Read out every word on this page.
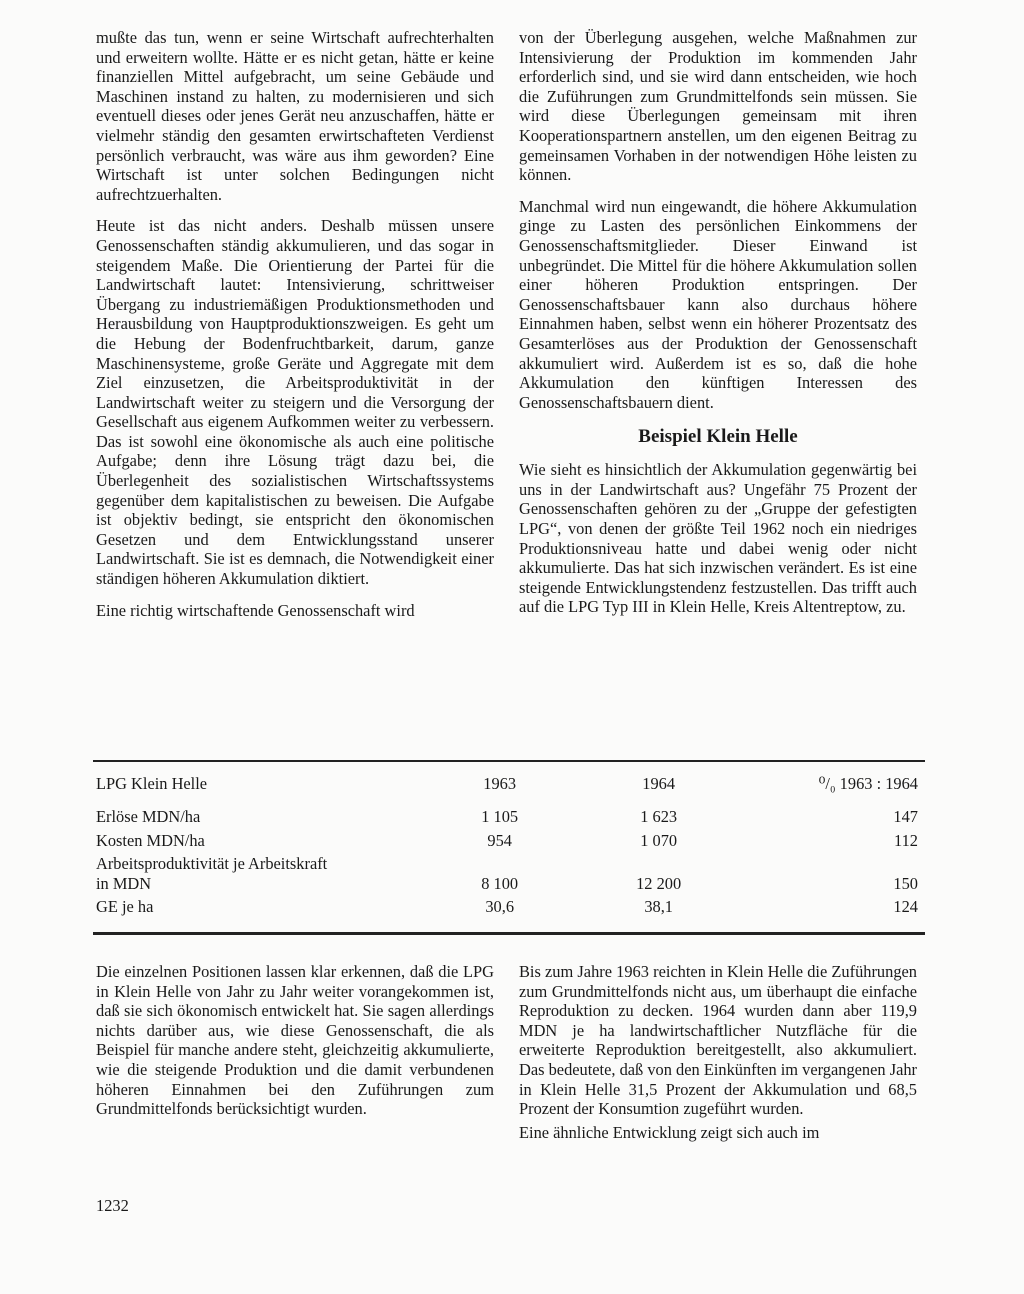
mußte das tun, wenn er seine Wirtschaft aufrechterhalten und erweitern wollte. Hätte er es nicht getan, hätte er keine finanziellen Mittel aufgebracht, um seine Gebäude und Maschinen instand zu halten, zu modernisieren und sich eventuell dieses oder jenes Gerät neu anzuschaffen, hätte er vielmehr ständig den gesamten erwirtschafteten Verdienst persönlich verbraucht, was wäre aus ihm geworden? Eine Wirtschaft ist unter solchen Bedingungen nicht aufrechtzuerhalten.

Heute ist das nicht anders. Deshalb müssen unsere Genossenschaften ständig akkumulieren, und das sogar in steigendem Maße. Die Orientierung der Partei für die Landwirtschaft lautet: Intensivierung, schrittweiser Übergang zu industriemäßigen Produktionsmethoden und Herausbildung von Hauptproduktionszweigen. Es geht um die Hebung der Bodenfruchtbarkeit, darum, ganze Maschinensysteme, große Geräte und Aggregate mit dem Ziel einzusetzen, die Arbeitsproduktivität in der Landwirtschaft weiter zu steigern und die Versorgung der Gesellschaft aus eigenem Aufkommen weiter zu verbessern. Das ist sowohl eine ökonomische als auch eine politische Aufgabe; denn ihre Lösung trägt dazu bei, die Überlegenheit des sozialistischen Wirtschaftssystems gegenüber dem kapitalistischen zu beweisen. Die Aufgabe ist objektiv bedingt, sie entspricht den ökonomischen Gesetzen und dem Entwicklungsstand unserer Landwirtschaft. Sie ist es demnach, die Notwendigkeit einer ständigen höheren Akkumulation diktiert.

Eine richtig wirtschaftende Genossenschaft wird

von der Überlegung ausgehen, welche Maßnahmen zur Intensivierung der Produktion im kommenden Jahr erforderlich sind, und sie wird dann entscheiden, wie hoch die Zuführungen zum Grundmittelfonds sein müssen. Sie wird diese Überlegungen gemeinsam mit ihren Kooperationspartnern anstellen, um den eigenen Beitrag zu gemeinsamen Vorhaben in der notwendigen Höhe leisten zu können.

Manchmal wird nun eingewandt, die höhere Akkumulation ginge zu Lasten des persönlichen Einkommens der Genossenschaftsmitglieder. Dieser Einwand ist unbegründet. Die Mittel für die höhere Akkumulation sollen einer höheren Produktion entspringen. Der Genossenschaftsbauer kann also durchaus höhere Einnahmen haben, selbst wenn ein höherer Prozentsatz des Gesamterlöses aus der Produktion der Genossenschaft akkumuliert wird. Außerdem ist es so, daß die hohe Akkumulation den künftigen Interessen des Genossenschaftsbauern dient.

Beispiel Klein Helle

Wie sieht es hinsichtlich der Akkumulation gegenwärtig bei uns in der Landwirtschaft aus? Ungefähr 75 Prozent der Genossenschaften gehören zu der „Gruppe der gefestigten LPG“, von denen der größte Teil 1962 noch ein niedriges Produktionsniveau hatte und dabei wenig oder nicht akkumulierte. Das hat sich inzwischen verändert. Es ist eine steigende Entwicklungstendenz festzustellen. Das trifft auch auf die LPG Typ III in Klein Helle, Kreis Altentreptow, zu.

LPG Klein Helle	1963	1964	⁰/₀ 1963 : 1964
Erlöse MDN/ha	1 105	1 623	147
Kosten MDN/ha	954	1 070	112
Arbeitsproduktivität je Arbeitskraft in MDN	8 100	12 200	150
GE je ha	30,6	38,1	124

Die einzelnen Positionen lassen klar erkennen, daß die LPG in Klein Helle von Jahr zu Jahr weiter vorangekommen ist, daß sie sich ökonomisch entwickelt hat. Sie sagen allerdings nichts darüber aus, wie diese Genossenschaft, die als Beispiel für manche andere steht, gleichzeitig akkumulierte, wie die steigende Produktion und die damit verbundenen höheren Einnahmen bei den Zuführungen zum Grundmittelfonds berücksichtigt wurden.

Bis zum Jahre 1963 reichten in Klein Helle die Zuführungen zum Grundmittelfonds nicht aus, um überhaupt die einfache Reproduktion zu decken. 1964 wurden dann aber 119,9 MDN je ha landwirtschaftlicher Nutzfläche für die erweiterte Reproduktion bereitgestellt, also akkumuliert. Das bedeutete, daß von den Einkünften im vergangenen Jahr in Klein Helle 31,5 Prozent der Akkumulation und 68,5 Prozent der Konsumtion zugeführt wurden.

Eine ähnliche Entwicklung zeigt sich auch im

1232
